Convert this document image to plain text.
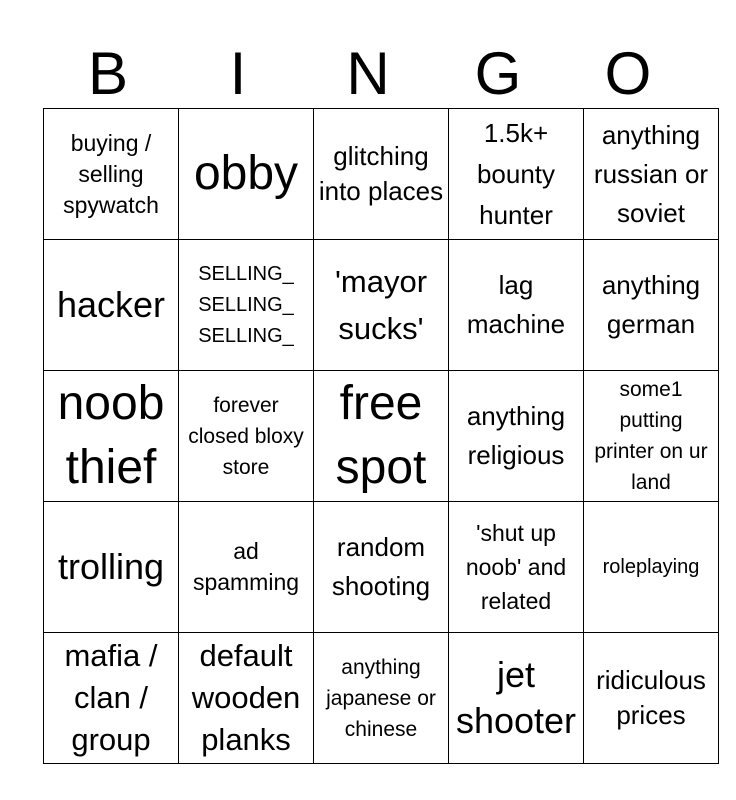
B	I	N	G	O
buying / selling spywatch	obby	glitching into places	1.5k+ bounty hunter	anything russian or soviet
hacker	SELLING_ SELLING_ SELLING_	'mayor sucks'	lag machine	anything german
noob thief	forever closed bloxy store	free spot	anything religious	some1 putting printer on ur land
trolling	ad spamming	random shooting	'shut up noob' and related	roleplaying
mafia / clan / group	default wooden planks	anything japanese or chinese	jet shooter	ridiculous prices
